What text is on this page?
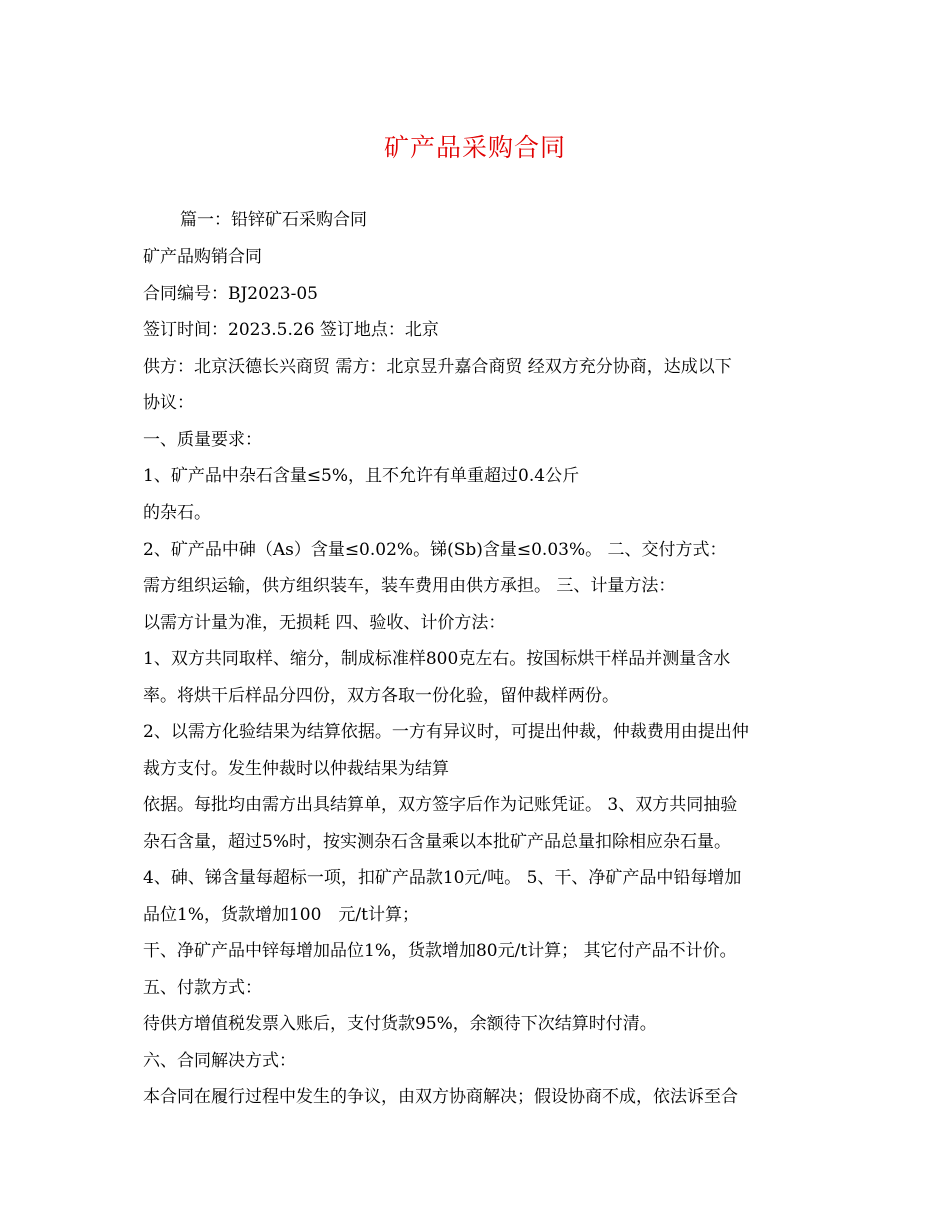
矿产品采购合同
篇一：铅锌矿石采购合同
矿产品购销合同
合同编号：BJ2023-05
签订时间：2023.5.26 签订地点：北京
供方：北京沃德长兴商贸 需方：北京昱升嘉合商贸 经双方充分协商，达成以下
协议：
一、质量要求：
1、矿产品中杂石含量≤5%，且不允许有单重超过0.4公斤
的杂石。
2、矿产品中砷（As）含量≤0.02%。锑(Sb)含量≤0.03%。 二、交付方式：
需方组织运输，供方组织装车，装车费用由供方承担。 三、计量方法：
以需方计量为准，无损耗 四、验收、计价方法：
1、双方共同取样、缩分，制成标准样800克左右。按国标烘干样品并测量含水
率。将烘干后样品分四份，双方各取一份化验，留仲裁样两份。
2、以需方化验结果为结算依据。一方有异议时，可提出仲裁，仲裁费用由提出仲
裁方支付。发生仲裁时以仲裁结果为结算
依据。每批均由需方出具结算单，双方签字后作为记账凭证。 3、双方共同抽验
杂石含量，超过5%时，按实测杂石含量乘以本批矿产品总量扣除相应杂石量。
4、砷、锑含量每超标一项，扣矿产品款10元/吨。 5、干、净矿产品中铅每增加
品位1%，货款增加100　元/t计算；
干、净矿产品中锌每增加品位1%，货款增加80元/t计算； 其它付产品不计价。
五、付款方式：
待供方增值税发票入账后，支付货款95%，余额待下次结算时付清。
六、合同解决方式：
本合同在履行过程中发生的争议，由双方协商解决；假设协商不成，依法诉至合
